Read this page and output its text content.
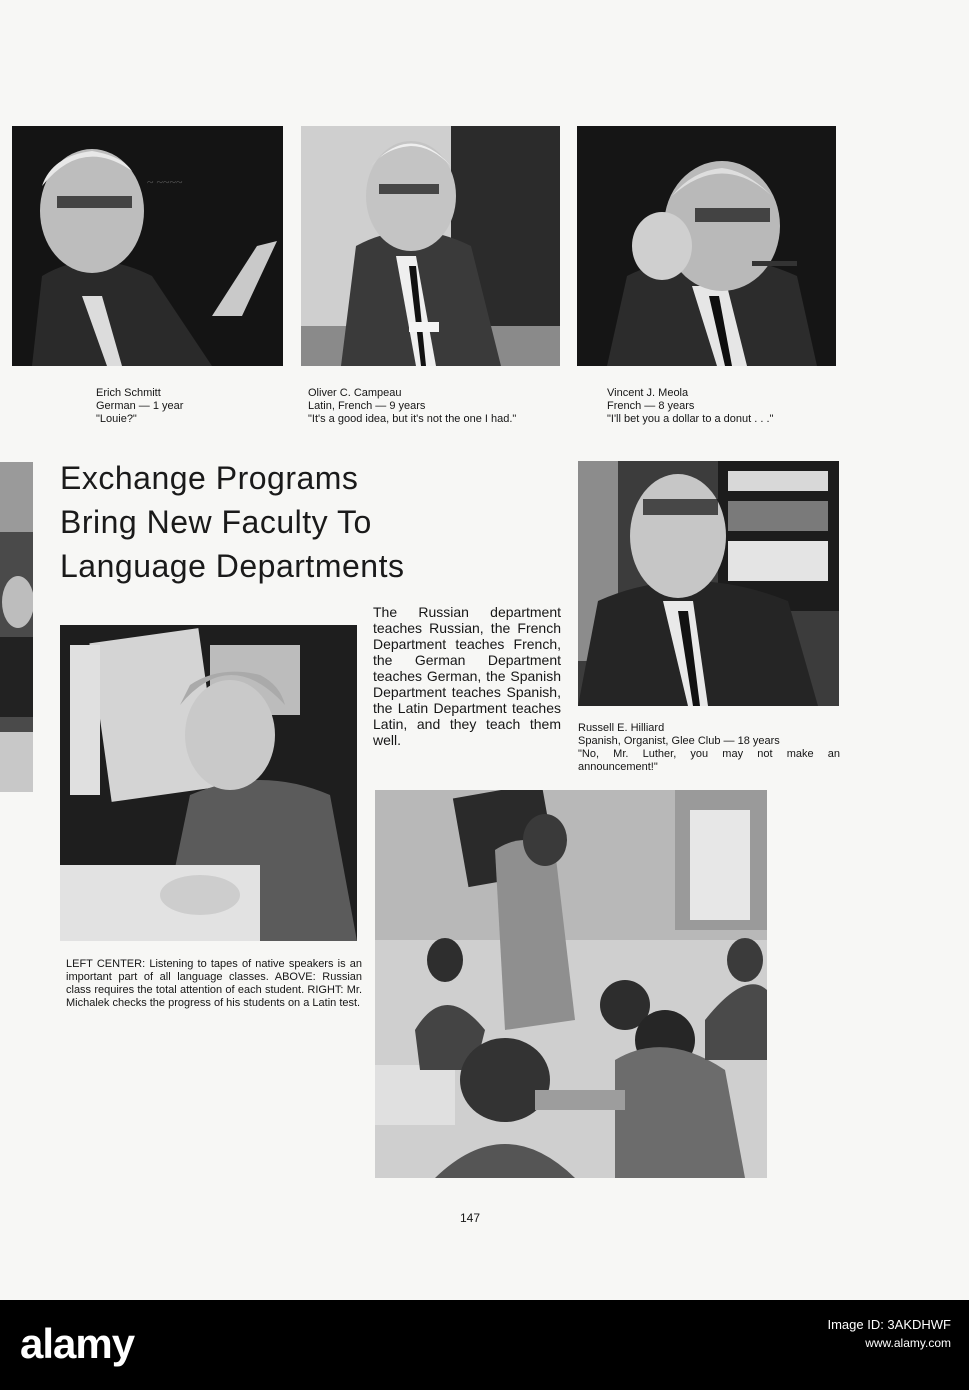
~ ~~~~
Erich Schmitt
German — 1 year
"Louie?"
Oliver C. Campeau
Latin, French — 9 years
"It's a good idea, but it's not the one I had."
Vincent J. Meola
French — 8 years
"I'll bet you a dollar to a donut . . ."
Exchange Programs
Bring New Faculty To
Language Departments
Russell E. Hilliard
Spanish, Organist, Glee Club — 18 years
"No, Mr. Luther, you may not make an announcement!"
The Russian department teaches Russian, the French Department teaches French, the German Department teaches German, the Spanish Department teaches Spanish, the Latin Department teaches Latin, and they teach them well.
LEFT CENTER: Listening to tapes of native speakers is an important part of all language classes. ABOVE: Russian class requires the total attention of each student. RIGHT: Mr. Michalek checks the progress of his students on a Latin test.
147
alamy	Image ID: 3AKDHWF
www.alamy.com
